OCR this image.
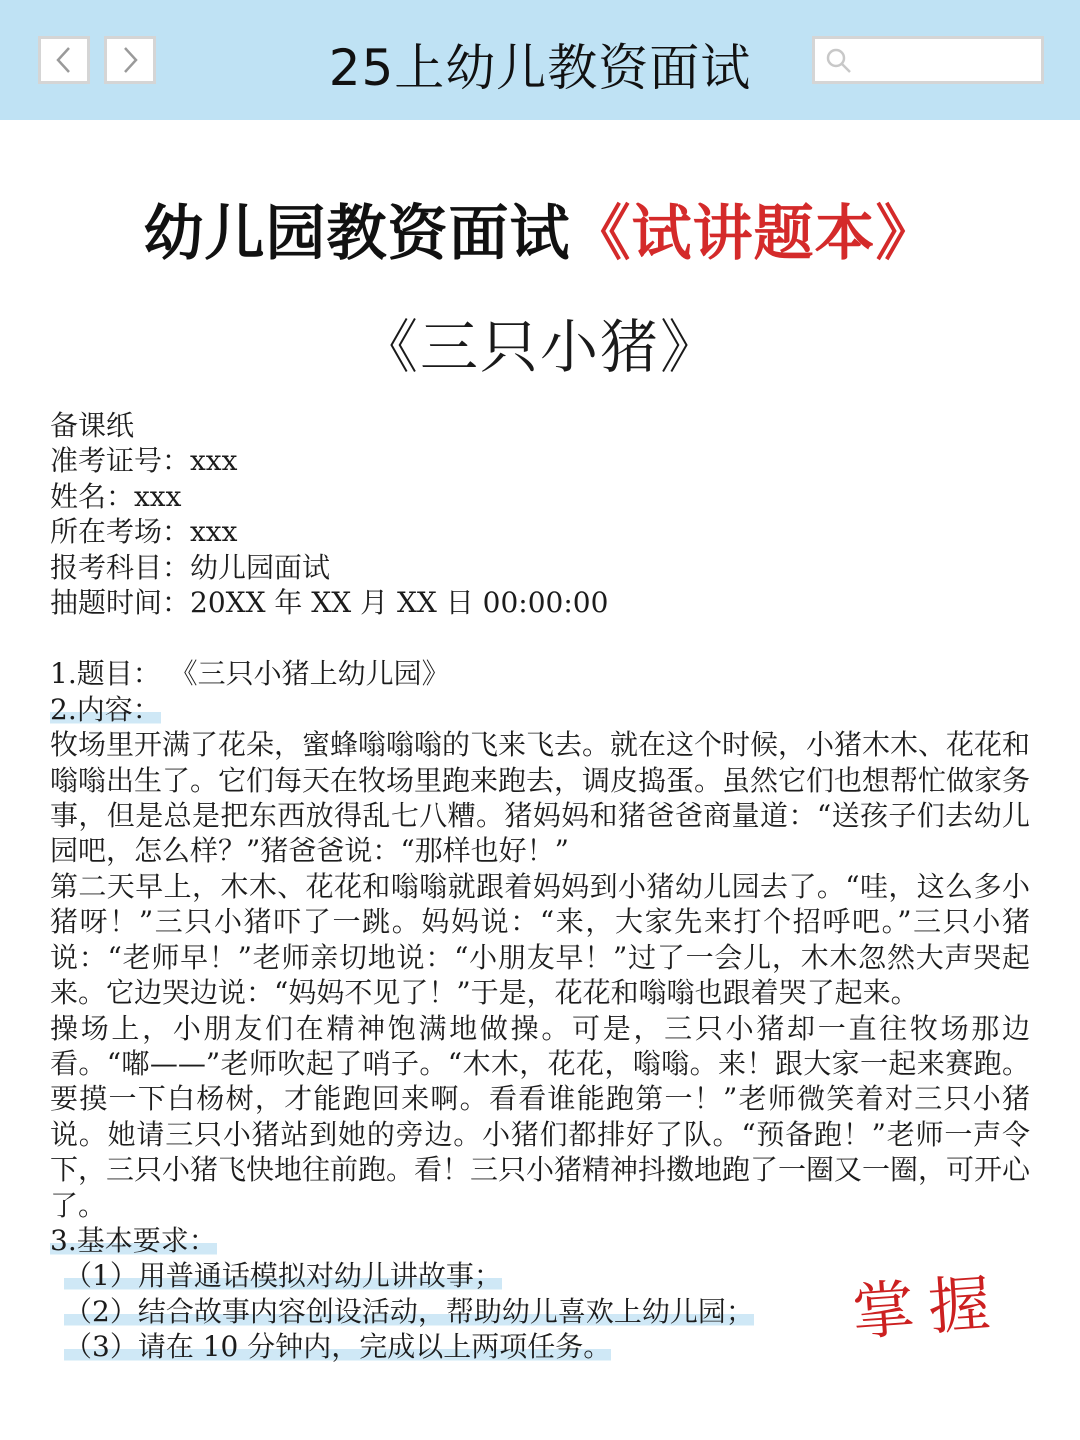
25上幼儿教资面试
幼儿园教资面试《试讲题本》
《三只小猪》
备课纸
准考证号：xxx
姓名：xxx
所在考场：xxx
报考科目：幼儿园面试
抽题时间：20XX 年 XX 月 XX 日 00:00:00
1.题目： 《三只小猪上幼儿园》
2.内容：

牧场里开满了花朵，蜜蜂嗡嗡嗡的飞来飞去。就在这个时候，小猪木木、花花和嗡嗡出生了。它们每天在牧场里跑来跑去，调皮捣蛋。虽然它们也想帮忙做家务事，但是总是把东西放得乱七八糟。猪妈妈和猪爸爸商量道：“送孩子们去幼儿园吧，怎么样？”猪爸爸说：“那样也好！”

第二天早上，木木、花花和嗡嗡就跟着妈妈到小猪幼儿园去了。“哇，这么多小猪呀！”三只小猪吓了一跳。妈妈说：“来，大家先来打个招呼吧。”三只小猪说：“老师早！”老师亲切地说：“小朋友早！”过了一会儿，木木忽然大声哭起来。它边哭边说：“妈妈不见了！”于是，花花和嗡嗡也跟着哭了起来。

操场上，小朋友们在精神饱满地做操。可是，三只小猪却一直往牧场那边看。“嘟——”老师吹起了哨子。“木木，花花，嗡嗡。来！跟大家一起来赛跑。要摸一下白杨树，才能跑回来啊。看看谁能跑第一！”老师微笑着对三只小猪说。她请三只小猪站到她的旁边。小猪们都排好了队。“预备跑！”老师一声令下，三只小猪飞快地往前跑。看！三只小猪精神抖擞地跑了一圈又一圈，可开心了。

3.基本要求：
（1）用普通话模拟对幼儿讲故事；
（2）结合故事内容创设活动，帮助幼儿喜欢上幼儿园；
（3）请在 10 分钟内，完成以上两项任务。	掌握
